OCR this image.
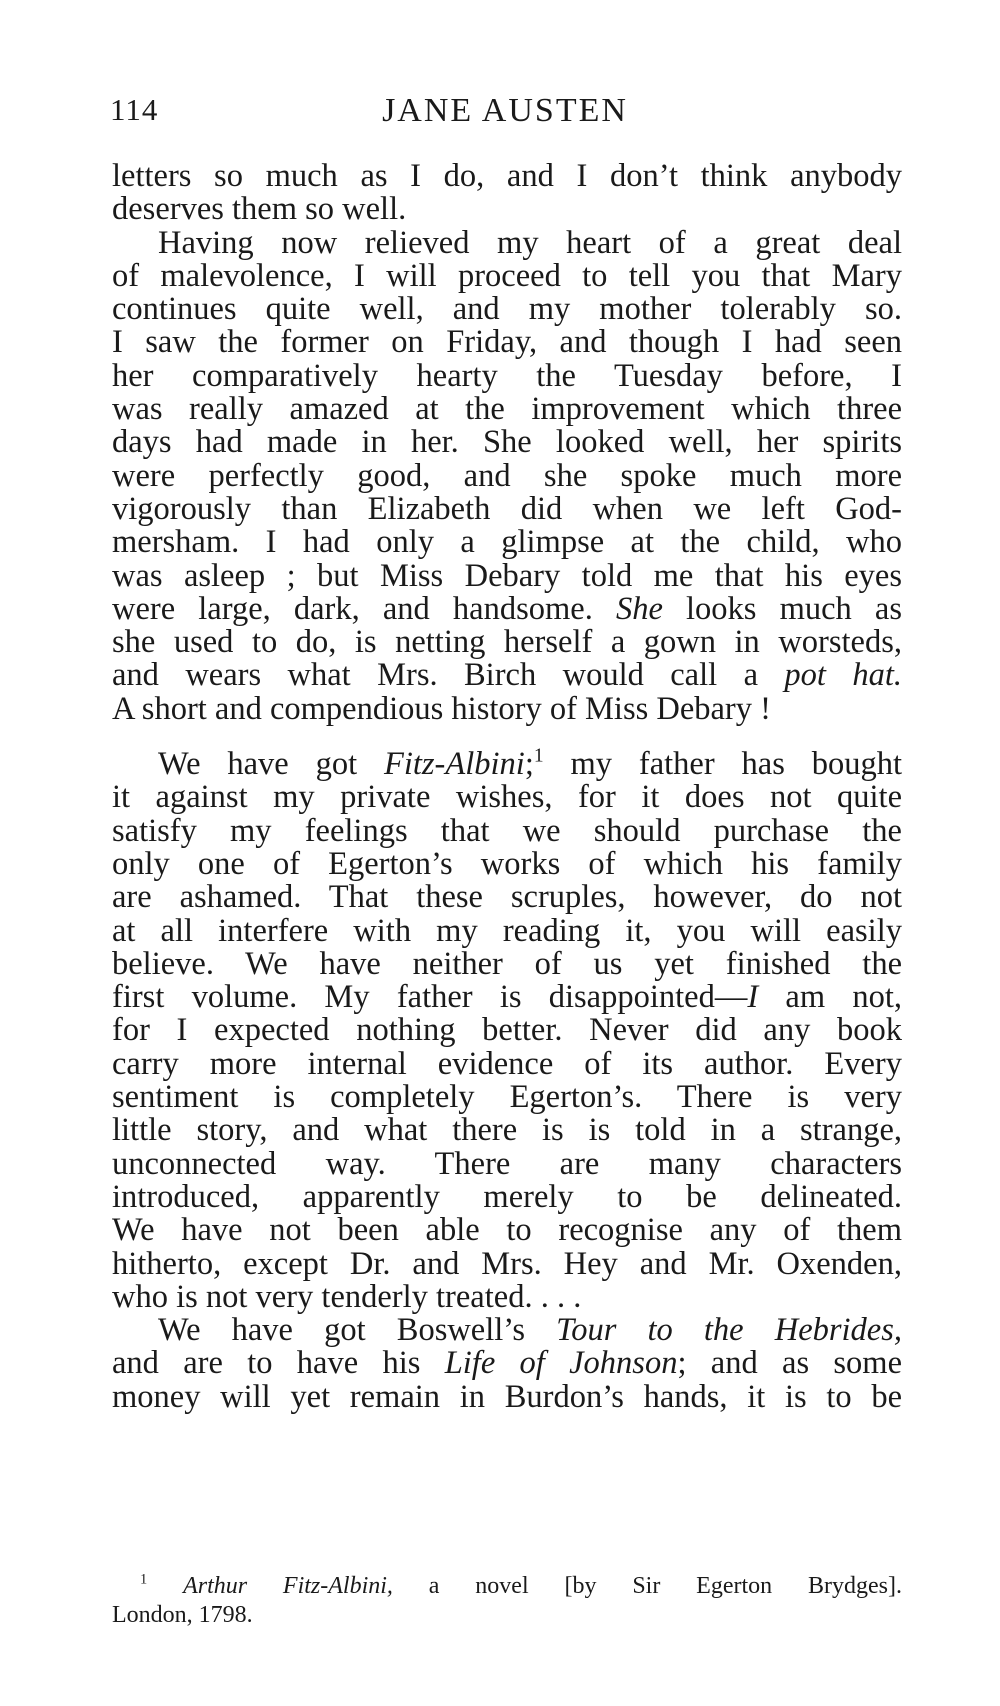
114	JANE AUSTEN
letters so much as I do, and I don’t think anybody
deserves them so well.
Having now relieved my heart of a great deal
of malevolence, I will proceed to tell you that Mary
continues quite well, and my mother tolerably so.
I saw the former on Friday, and though I had seen
her comparatively hearty the Tuesday before, I
was really amazed at the improvement which three
days had made in her. She looked well, her spirits
were perfectly good, and she spoke much more
vigorously than Elizabeth did when we left God-
mersham. I had only a glimpse at the child, who
was asleep ; but Miss Debary told me that his eyes
were large, dark, and handsome. She looks much as
she used to do, is netting herself a gown in worsteds,
and wears what Mrs. Birch would call a pot hat.
A short and compendious history of Miss Debary !
We have got Fitz-Albini;$^1$ my father has bought
it against my private wishes, for it does not quite
satisfy my feelings that we should purchase the
only one of Egerton’s works of which his family
are ashamed. That these scruples, however, do not
at all interfere with my reading it, you will easily
believe. We have neither of us yet finished the
first volume. My father is disappointed—I am not,
for I expected nothing better. Never did any book
carry more internal evidence of its author. Every
sentiment is completely Egerton’s. There is very
little story, and what there is is told in a strange,
unconnected way. There are many characters
introduced, apparently merely to be delineated.
We have not been able to recognise any of them
hitherto, except Dr. and Mrs. Hey and Mr. Oxenden,
who is not very tenderly treated. . . .
We have got Boswell’s Tour to the Hebrides,
and are to have his Life of Johnson; and as some
money will yet remain in Burdon’s hands, it is to be
$^1$ Arthur Fitz-Albini, a novel [by Sir Egerton Brydges].
London, 1798.
